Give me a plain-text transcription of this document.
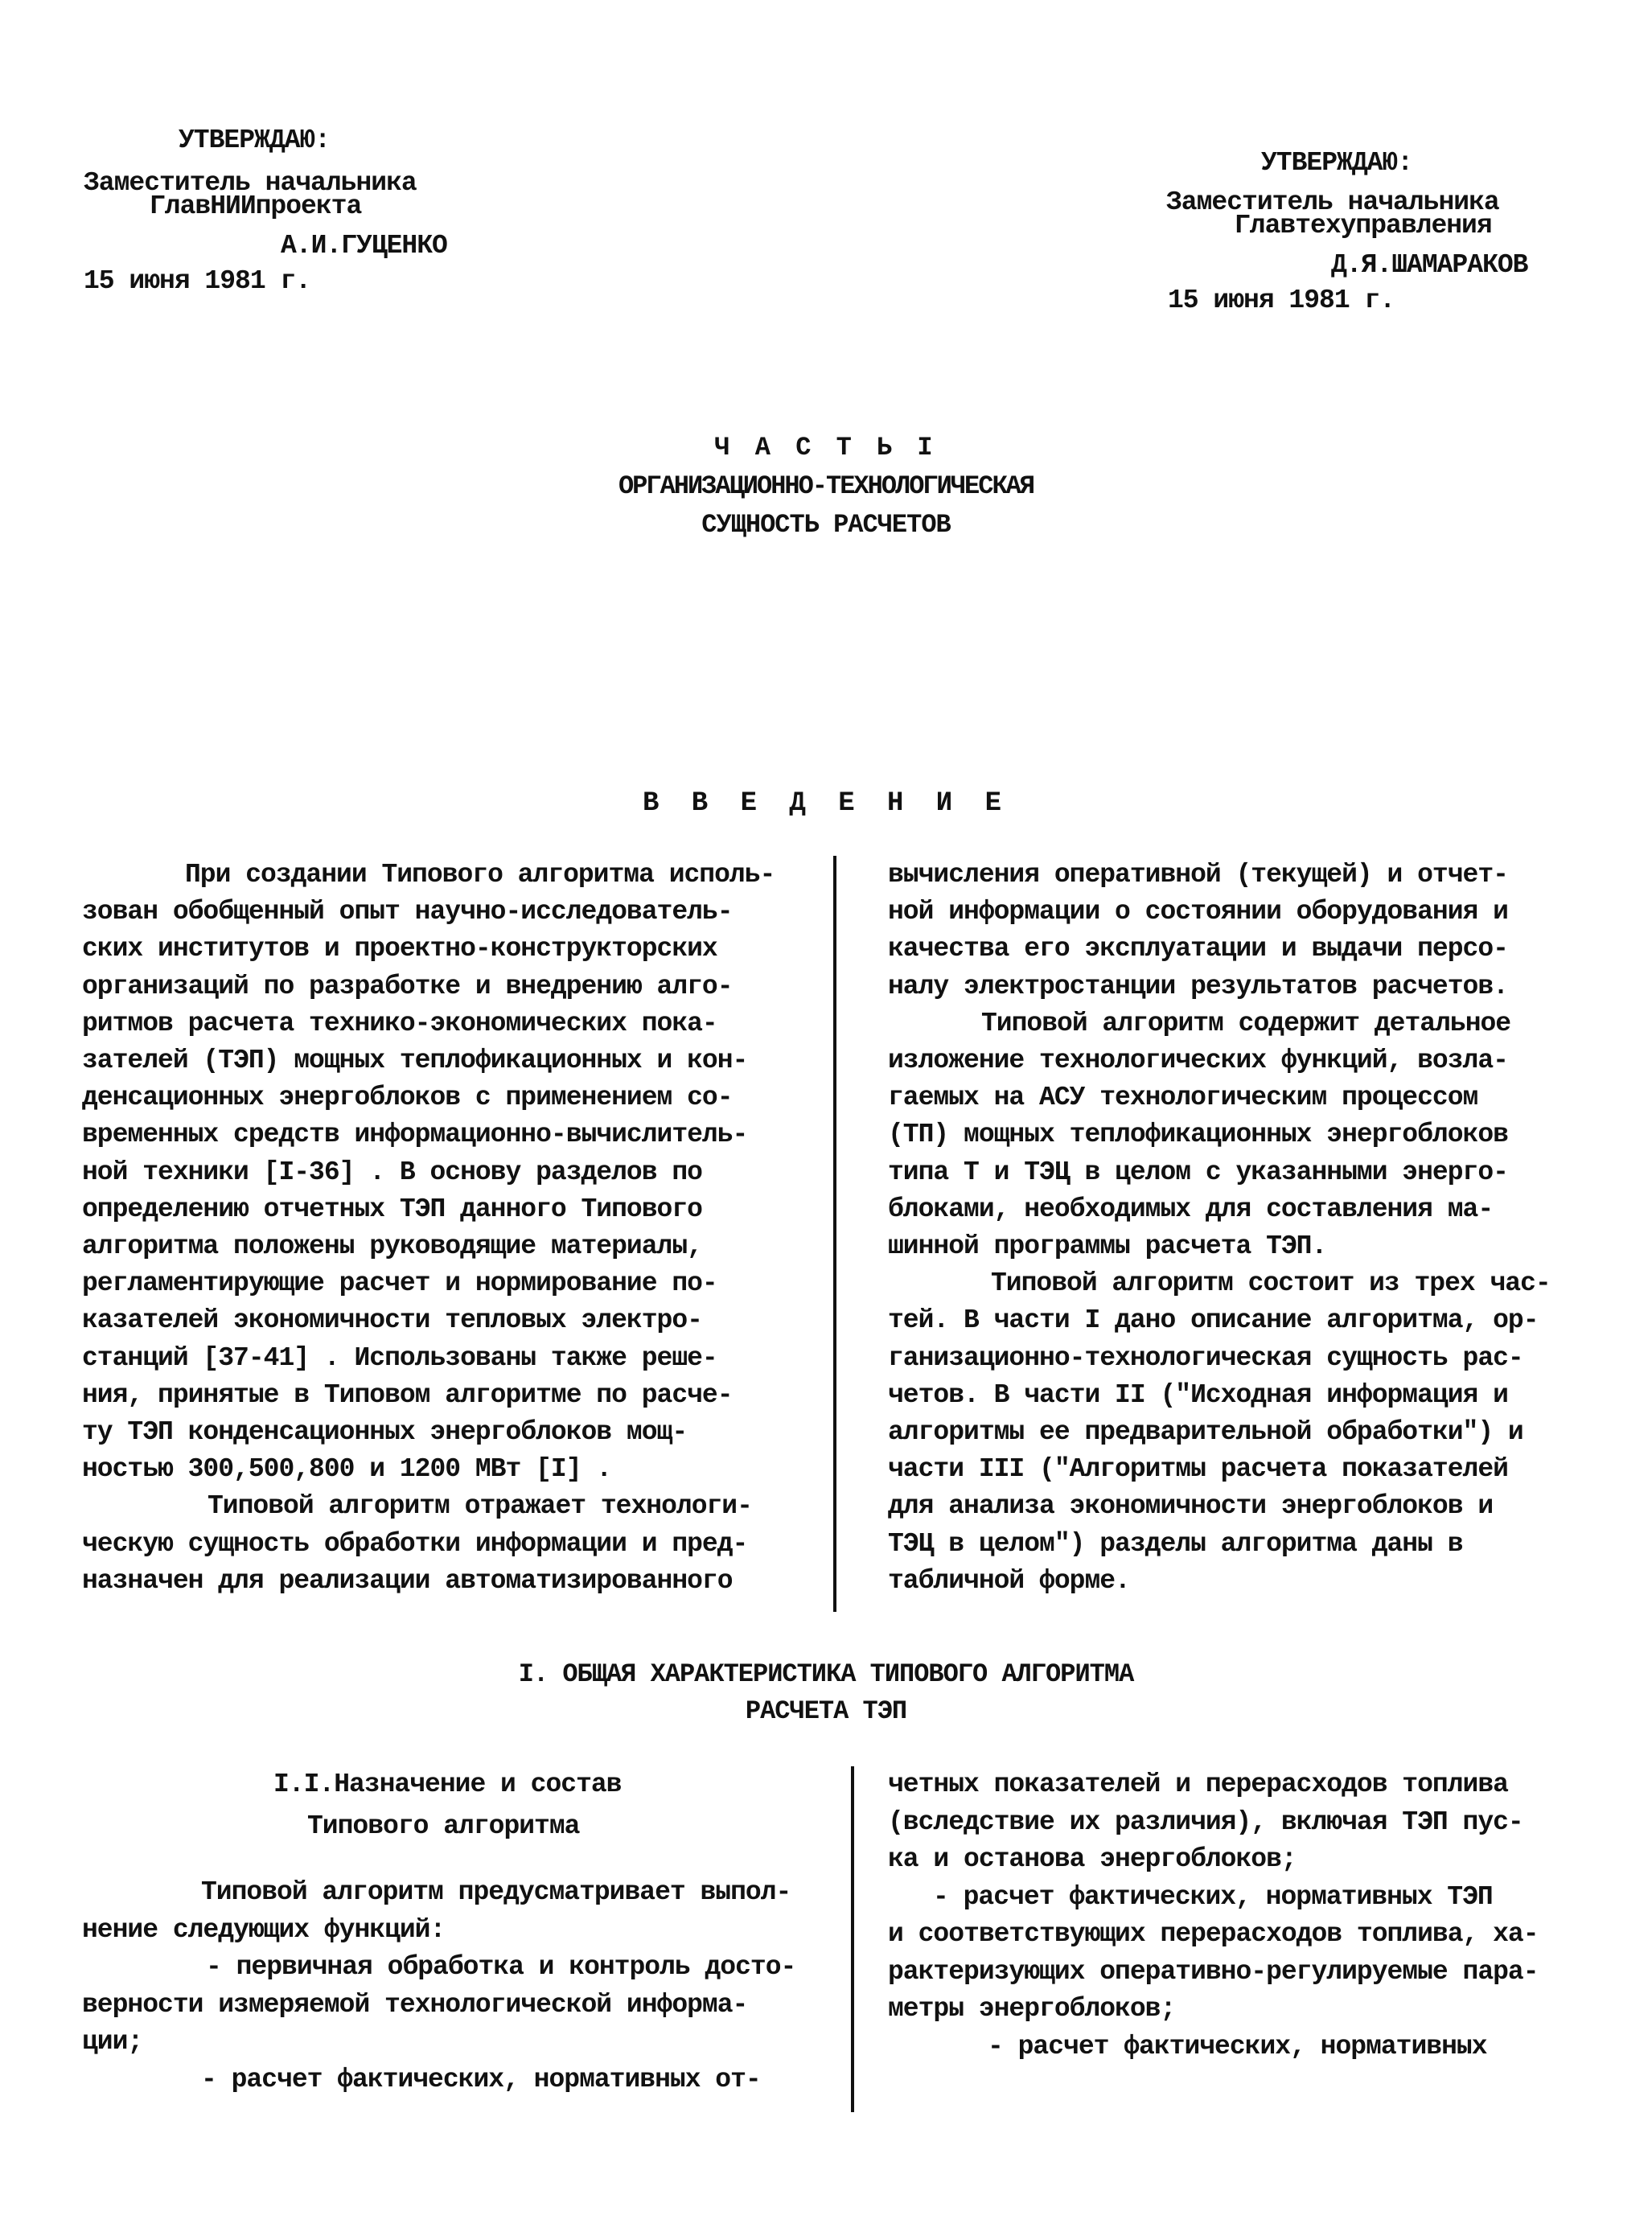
УТВЕРЖДАЮ:
Заместитель начальника
ГлавНИИпроекта
А.И.ГУЦЕНКО
15 июня 1981 г.
УТВЕРЖДАЮ:
Заместитель начальника
Главтехуправления
Д.Я.ШАМАРАКОВ
15 июня 1981 г.
Ч А С Т Ь I
ОРГАНИЗАЦИОННО-ТЕХНОЛОГИЧЕСКАЯ
СУЩНОСТЬ РАСЧЕТОВ
В В Е Д Е Н И Е
При создании Типового алгоритма исполь-
зован обобщенный опыт научно-исследователь-
ских институтов и проектно-конструкторских
организаций по разработке и внедрению алго-
ритмов расчета технико-экономических пока-
зателей (ТЭП) мощных теплофикационных и кон-
денсационных энергоблоков с применением со-
временных средств информационно-вычислитель-
ной техники [I-36] . В основу разделов по
определению отчетных ТЭП данного Типового
алгоритма положены руководящие материалы,
регламентирующие расчет и нормирование по-
казателей экономичности тепловых электро-
станций [37-41] . Использованы также реше-
ния, принятые в Типовом алгоритме по расче-
ту ТЭП конденсационных энергоблоков мощ-
ностью 300,500,800 и 1200 МВт [I] .
Типовой алгоритм отражает технологи-
ческую сущность обработки информации и пред-
назначен для реализации автоматизированного
вычисления оперативной (текущей) и отчет-
ной информации о состоянии оборудования и
качества его эксплуатации и выдачи персо-
налу электростанции результатов расчетов.
Типовой алгоритм содержит детальное
изложение технологических функций, возла-
гаемых на АСУ технологическим процессом
(ТП) мощных теплофикационных энергоблоков
типа Т и ТЭЦ в целом с указанными энерго-
блоками, необходимых для составления ма-
шинной программы расчета ТЭП.
Типовой алгоритм состоит из трех час-
тей. В части I дано описание алгоритма, ор-
ганизационно-технологическая сущность рас-
четов. В части II ("Исходная информация и
алгоритмы ее предварительной обработки") и
части III ("Алгоритмы расчета показателей
для анализа экономичности энергоблоков и
ТЭЦ в целом") разделы алгоритма даны в
табличной форме.
I. ОБЩАЯ ХАРАКТЕРИСТИКА ТИПОВОГО АЛГОРИТМА
РАСЧЕТА ТЭП
I.I.Назначение и состав
Типового алгоритма
Типовой алгоритм предусматривает выпол-
нение следующих функций:
- первичная обработка и контроль досто-
верности измеряемой технологической информа-
ции;
- расчет фактических, нормативных от-
четных показателей и перерасходов топлива
(вследствие их различия), включая ТЭП пус-
ка и останова энергоблоков;
- расчет фактических, нормативных ТЭП
и соответствующих перерасходов топлива, ха-
рактеризующих оперативно-регулируемые пара-
метры энергоблоков;
- расчет фактических, нормативных
